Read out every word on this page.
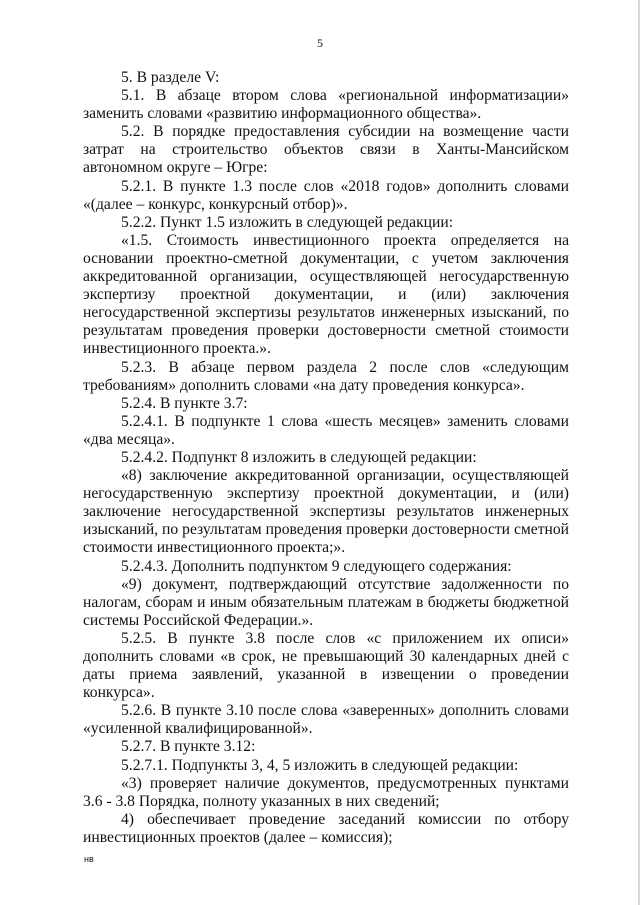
5

5. В разделе V:

5.1. В абзаце втором слова «региональной информатизации» заменить словами «развитию информационного общества».

5.2. В порядке предоставления субсидии на возмещение части затрат на строительство объектов связи в Ханты-Мансийском автономном округе – Югре:

5.2.1. В пункте 1.3 после слов «2018 годов» дополнить словами «(далее – конкурс, конкурсный отбор)».

5.2.2. Пункт 1.5 изложить в следующей редакции:

«1.5. Стоимость инвестиционного проекта определяется на основании проектно-сметной документации, с учетом заключения аккредитованной организации, осуществляющей негосударственную экспертизу проектной документации, и (или) заключения негосударственной экспертизы результатов инженерных изысканий, по результатам проведения проверки достоверности сметной стоимости инвестиционного проекта.».

5.2.3. В абзаце первом раздела 2 после слов «следующим требованиям» дополнить словами «на дату проведения конкурса».

5.2.4. В пункте 3.7:

5.2.4.1. В подпункте 1 слова «шесть месяцев» заменить словами «два месяца».

5.2.4.2. Подпункт 8 изложить в следующей редакции:

«8) заключение аккредитованной организации, осуществляющей негосударственную экспертизу проектной документации, и (или) заключение негосударственной экспертизы результатов инженерных изысканий, по результатам проведения проверки достоверности сметной стоимости инвестиционного проекта;».

5.2.4.3. Дополнить подпунктом 9 следующего содержания:

«9) документ, подтверждающий отсутствие задолженности по налогам, сборам и иным обязательным платежам в бюджеты бюджетной системы Российской Федерации.».

5.2.5. В пункте 3.8 после слов «с приложением их описи» дополнить словами «в срок, не превышающий 30 календарных дней с даты приема заявлений, указанной в извещении о проведении конкурса».

5.2.6. В пункте 3.10 после слова «заверенных» дополнить словами «усиленной квалифицированной».

5.2.7. В пункте 3.12:

5.2.7.1. Подпункты 3, 4, 5 изложить в следующей редакции:

«3) проверяет наличие документов, предусмотренных пунктами 3.6 - 3.8 Порядка, полноту указанных в них сведений;

4) обеспечивает проведение заседаний комиссии по отбору инвестиционных проектов (далее – комиссия);

нв
